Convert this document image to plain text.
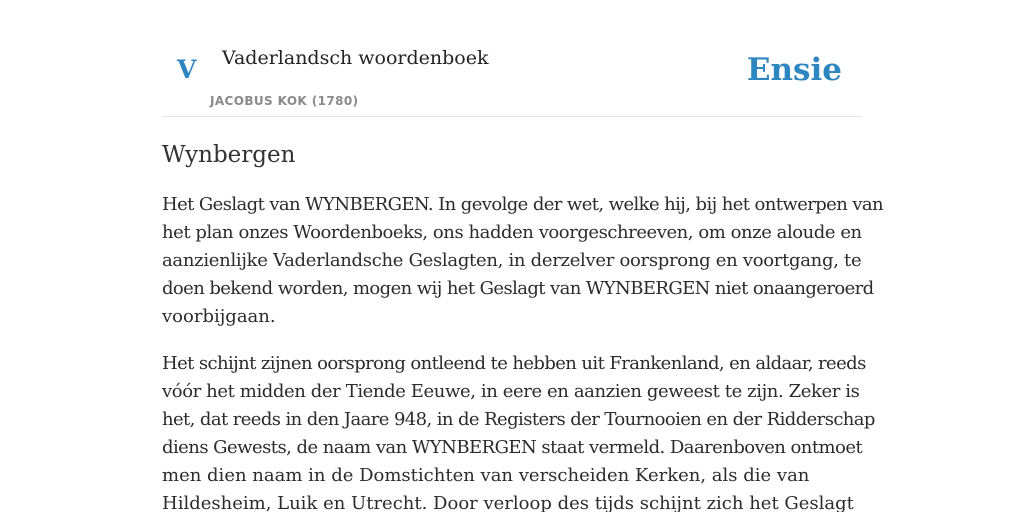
V Vaderlandsch woordenboek
JACOBUS KOK (1780)
Ensie
Wynbergen

Het Geslagt van WYNBERGEN. In gevolge der wet, welke hij, bij het ontwerpen van
het plan onzes Woordenboeks, ons hadden voorgeschreeven, om onze aloude en
aanzienlijke Vaderlandsche Geslagten, in derzelver oorsprong en voortgang, te
doen bekend worden, mogen wij het Geslagt van WYNBERGEN niet onaangeroerd
voorbijgaan.

Het schijnt zijnen oorsprong ontleend te hebben uit Frankenland, en aldaar, reeds
vóór het midden der Tiende Eeuwe, in eere en aanzien geweest te zijn. Zeker is
het, dat reeds in den Jaare 948, in de Registers der Tournooien en der Ridderschap
diens Gewests, de naam van WYNBERGEN staat vermeld. Daarenboven ontmoet
men dien naam in de Domstichten van verscheiden Kerken, als die van
Hildesheim, Luik en Utrecht. Door verloop des tijds schijnt zich het Geslagt
